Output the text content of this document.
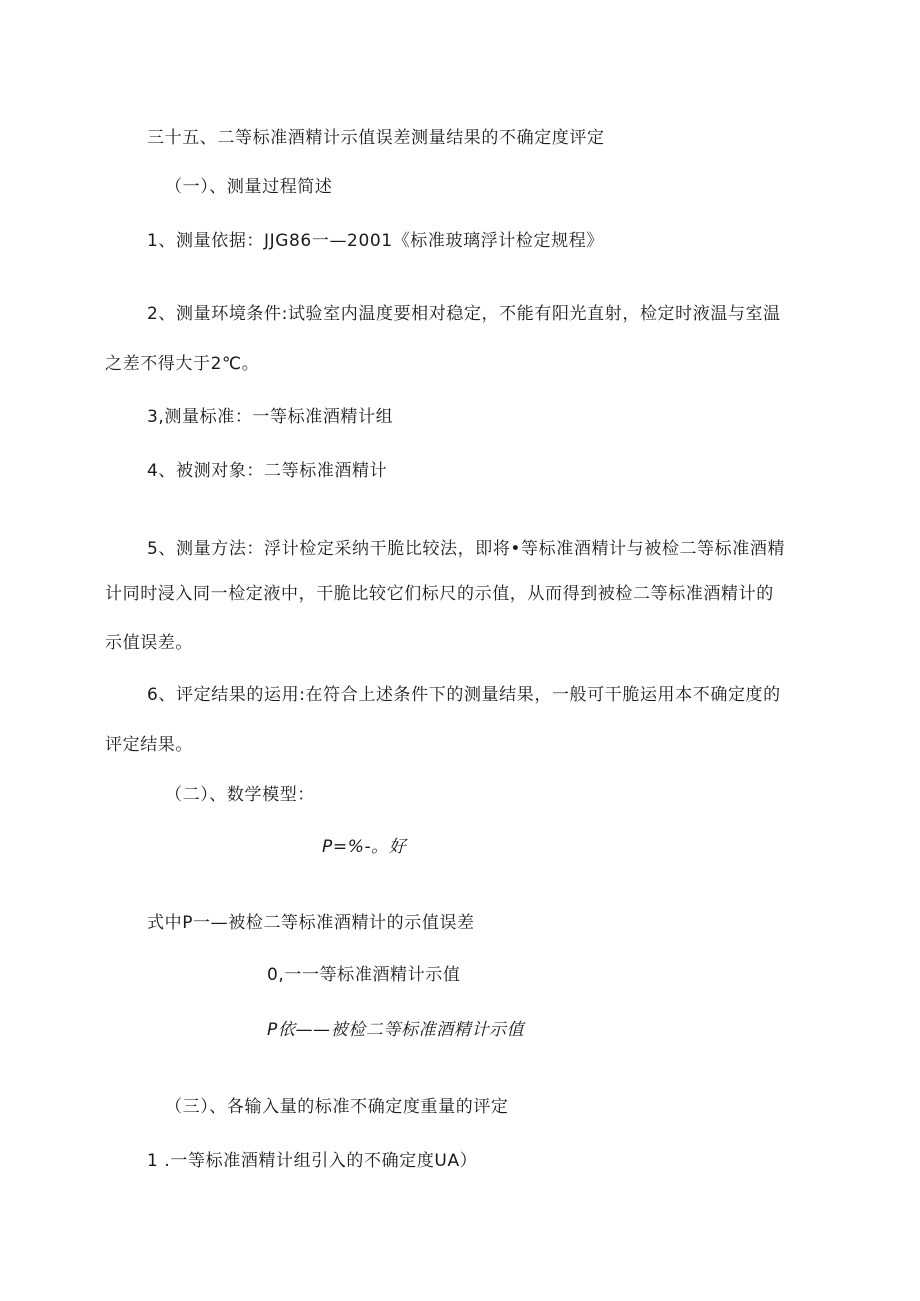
三十五、二等标准酒精计示值误差测量结果的不确定度评定
（一）、测量过程简述
1、测量依据：JJG86一—2001《标准玻璃浮计检定规程》
2、测量环境条件:试验室内温度要相对稳定，不能有阳光直射，检定时液温与室温
之差不得大于2℃。
3,测量标准：一等标准酒精计组
4、被测对象：二等标准酒精计
5、测量方法：浮计检定采纳干脆比较法，即将•等标准酒精计与被检二等标准酒精
计同时浸入同一检定液中，干脆比较它们标尺的示值，从而得到被检二等标准酒精计的
示值误差。
6、评定结果的运用:在符合上述条件下的测量结果，一般可干脆运用本不确定度的
评定结果。
（二）、数学模型：
P=%-。好
式中P一—被检二等标准酒精计的示值误差
0,一一等标准酒精计示值
P依——被检二等标准酒精计示值
（三）、各输入量的标准不确定度重量的评定
1 .一等标准酒精计组引入的不确定度UA）
